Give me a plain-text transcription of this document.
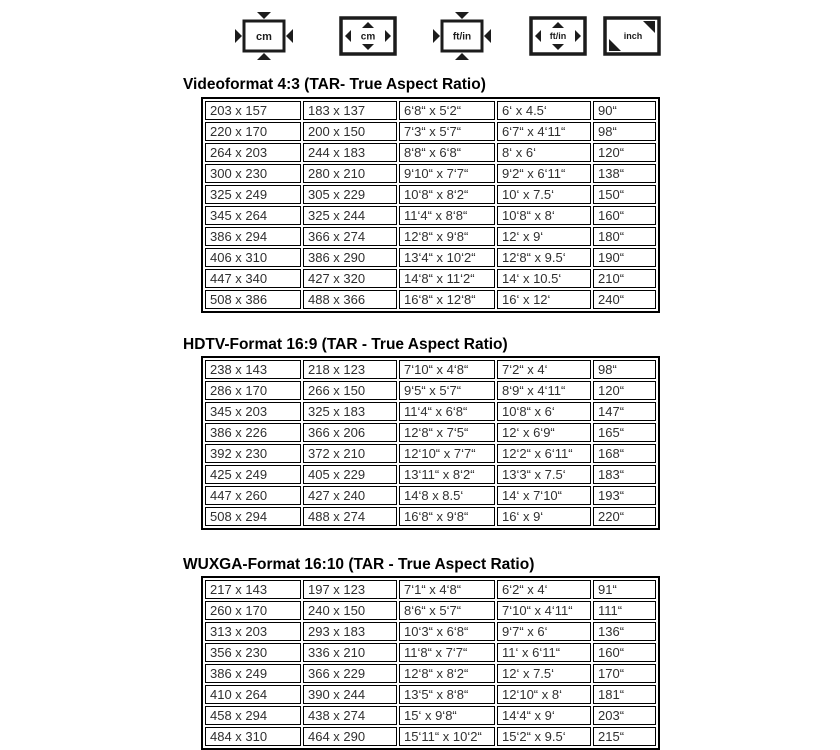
cm	cm	ft/in	ft/in	inch
Videoformat 4:3 (TAR- True Aspect Ratio)
203 x 157	183 x 137	6‘8“ x 5‘2“	6‘ x 4.5‘	90“
220 x 170	200 x 150	7‘3“ x 5‘7“	6‘7“ x 4‘11“	98“
264 x 203	244 x 183	8‘8“ x 6‘8“	8‘ x 6‘	120“
300 x 230	280 x 210	9‘10“ x 7‘7“	9‘2“ x 6‘11“	138“
325 x 249	305 x 229	10‘8“ x 8‘2“	10‘ x 7.5‘	150“
345 x 264	325 x 244	11‘4“ x 8‘8“	10‘8“ x 8‘	160“
386 x 294	366 x 274	12‘8“ x 9‘8“	12‘ x 9‘	180“
406 x 310	386 x 290	13‘4“ x 10‘2“	12‘8“ x 9.5‘	190“
447 x 340	427 x 320	14‘8“ x 11‘2“	14‘ x 10.5‘	210“
508 x 386	488 x 366	16‘8“ x 12‘8“	16‘ x 12‘	240“
HDTV-Format 16:9 (TAR - True Aspect Ratio)
238 x 143	218 x 123	7‘10“ x 4‘8“	7‘2“ x 4‘	98“
286 x 170	266 x 150	9‘5“ x 5‘7“	8‘9“ x 4‘11“	120“
345 x 203	325 x 183	11‘4“ x 6‘8“	10‘8“ x 6‘	147“
386 x 226	366 x 206	12‘8“ x 7‘5“	12‘ x 6‘9“	165“
392 x 230	372 x 210	12‘10“ x 7‘7“	12‘2“ x 6‘11“	168“
425 x 249	405 x 229	13‘11“ x 8‘2“	13‘3“ x 7.5‘	183“
447 x 260	427 x 240	14‘8 x 8.5‘	14‘ x 7‘10“	193“
508 x 294	488 x 274	16‘8“ x 9‘8“	16‘ x 9‘	220“
WUXGA-Format 16:10 (TAR - True Aspect Ratio)
217 x 143	197 x 123	7‘1“ x 4‘8“	6‘2“ x 4‘	91“
260 x 170	240 x 150	8‘6“ x 5‘7“	7‘10“ x 4‘11“	111“
313 x 203	293 x 183	10‘3“ x 6‘8“	9‘7“ x 6‘	136“
356 x 230	336 x 210	11‘8“ x 7‘7“	11‘ x 6‘11“	160“
386 x 249	366 x 229	12‘8“ x 8‘2“	12‘ x 7.5‘	170“
410 x 264	390 x 244	13‘5“ x 8‘8“	12‘10“ x 8‘	181“
458 x 294	438 x 274	15‘ x 9‘8“	14‘4“ x 9‘	203“
484 x 310	464 x 290	15‘11“ x 10‘2“	15‘2“ x 9.5‘	215“
